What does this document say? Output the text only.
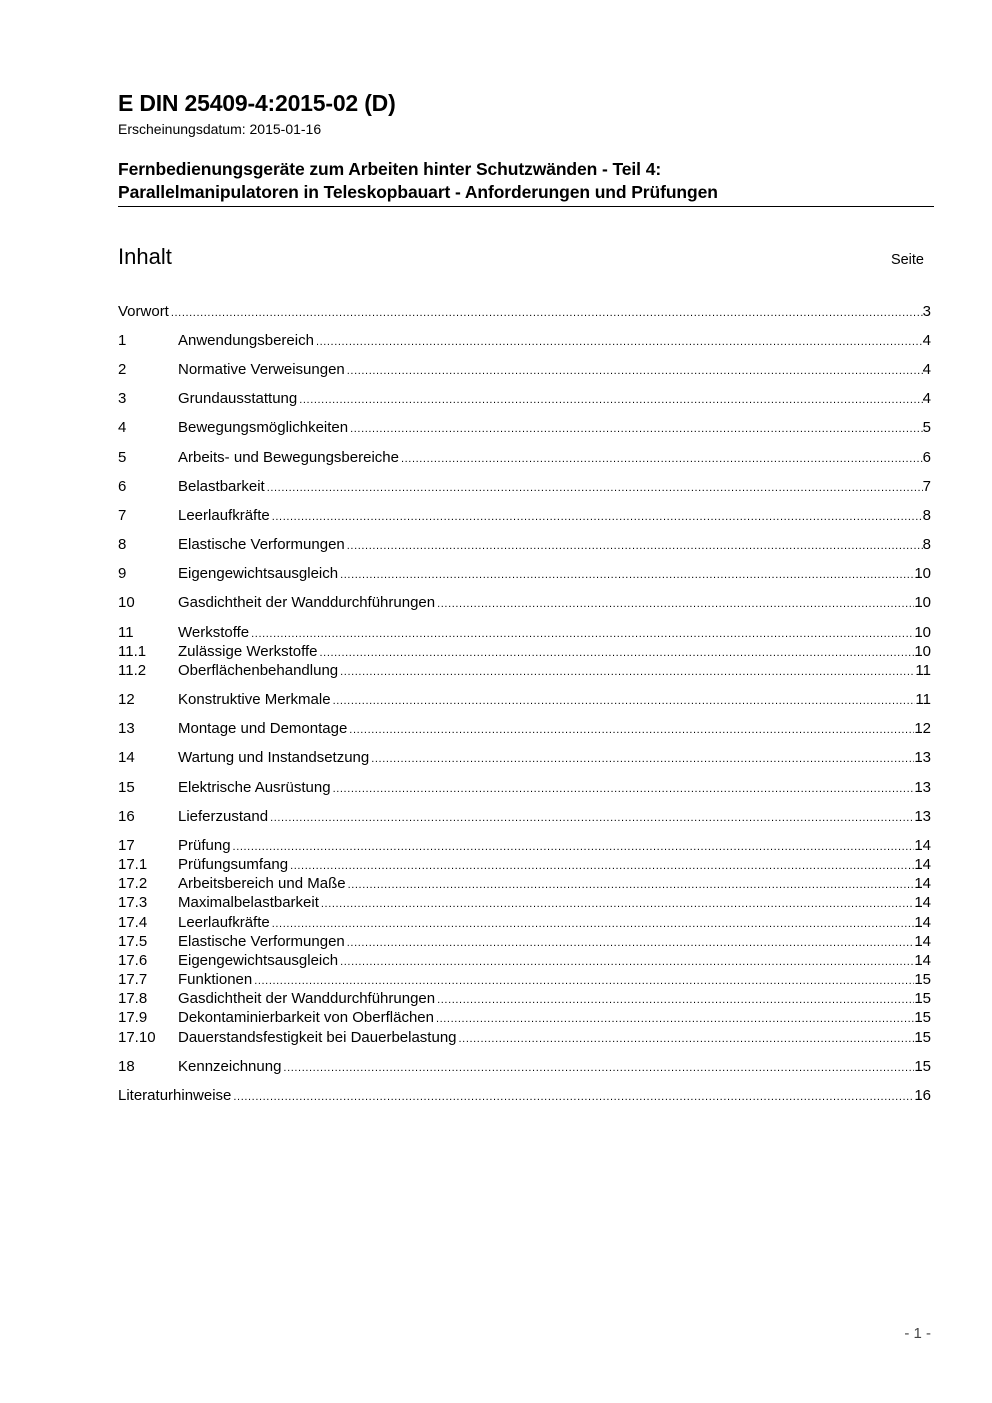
E DIN 25409-4:2015-02 (D)
Erscheinungsdatum: 2015-01-16
Fernbedienungsgeräte zum Arbeiten hinter Schutzwänden - Teil 4:
Parallelmanipulatoren in Teleskopbauart - Anforderungen und Prüfungen
Inhalt	Seite
Vorwort .....	3
1	Anwendungsbereich .....	4
2	Normative Verweisungen .....	4
3	Grundausstattung .....	4
4	Bewegungsmöglichkeiten .....	5
5	Arbeits- und Bewegungsbereiche .....	6
6	Belastbarkeit .....	7
7	Leerlaufkräfte .....	8
8	Elastische Verformungen .....	8
9	Eigengewichtsausgleich .....	10
10	Gasdichtheit der Wanddurchführungen .....	10
11	Werkstoffe .....	10
11.1	Zulässige Werkstoffe .....	10
11.2	Oberflächenbehandlung .....	11
12	Konstruktive Merkmale .....	11
13	Montage und Demontage .....	12
14	Wartung und Instandsetzung .....	13
15	Elektrische Ausrüstung .....	13
16	Lieferzustand .....	13
17	Prüfung .....	14
17.1	Prüfungsumfang .....	14
17.2	Arbeitsbereich und Maße .....	14
17.3	Maximalbelastbarkeit .....	14
17.4	Leerlaufkräfte .....	14
17.5	Elastische Verformungen .....	14
17.6	Eigengewichtsausgleich .....	14
17.7	Funktionen .....	15
17.8	Gasdichtheit der Wanddurchführungen .....	15
17.9	Dekontaminierbarkeit von Oberflächen .....	15
17.10	Dauerstandsfestigkeit bei Dauerbelastung .....	15
18	Kennzeichnung .....	15
Literaturhinweise .....	16
- 1 -
